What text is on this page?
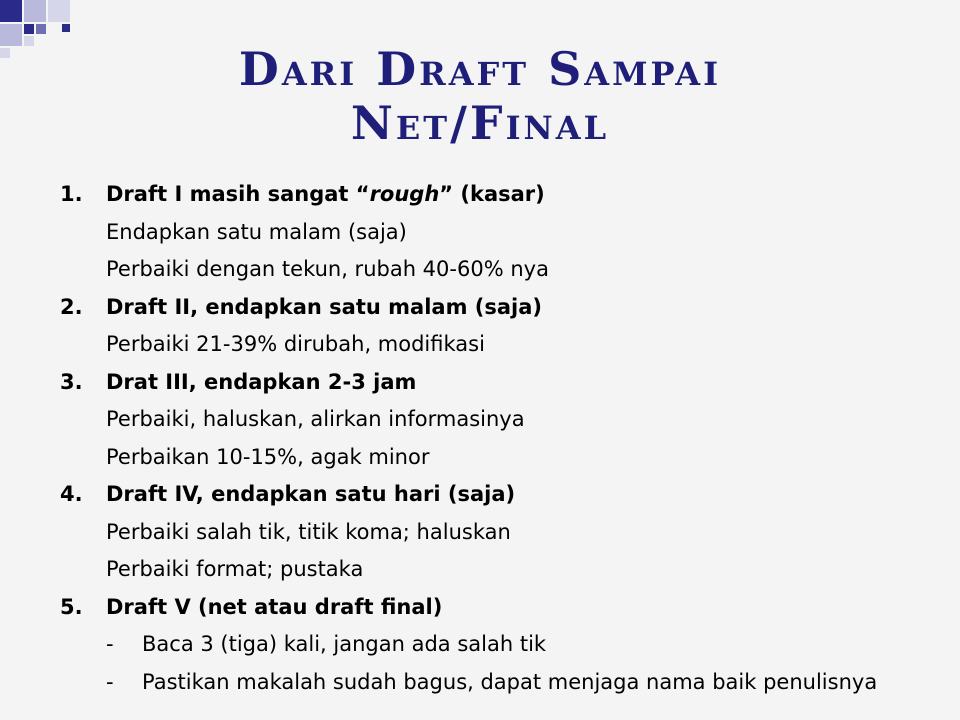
Dari Draft Sampai
Net/Final
1. Draft I masih sangat “rough” (kasar)
Endapkan satu malam (saja)
Perbaiki dengan tekun, rubah 40-60% nya
2. Draft II, endapkan satu malam (saja)
Perbaiki 21-39% dirubah, modifikasi
3. Drat III, endapkan 2-3 jam
Perbaiki, haluskan, alirkan informasinya
Perbaikan 10-15%, agak minor
4. Draft IV, endapkan satu hari (saja)
Perbaiki salah tik, titik koma; haluskan
Perbaiki format; pustaka
5. Draft V (net atau draft final)
- Baca 3 (tiga) kali, jangan ada salah tik
- Pastikan makalah sudah bagus, dapat menjaga nama baik penulisnya
